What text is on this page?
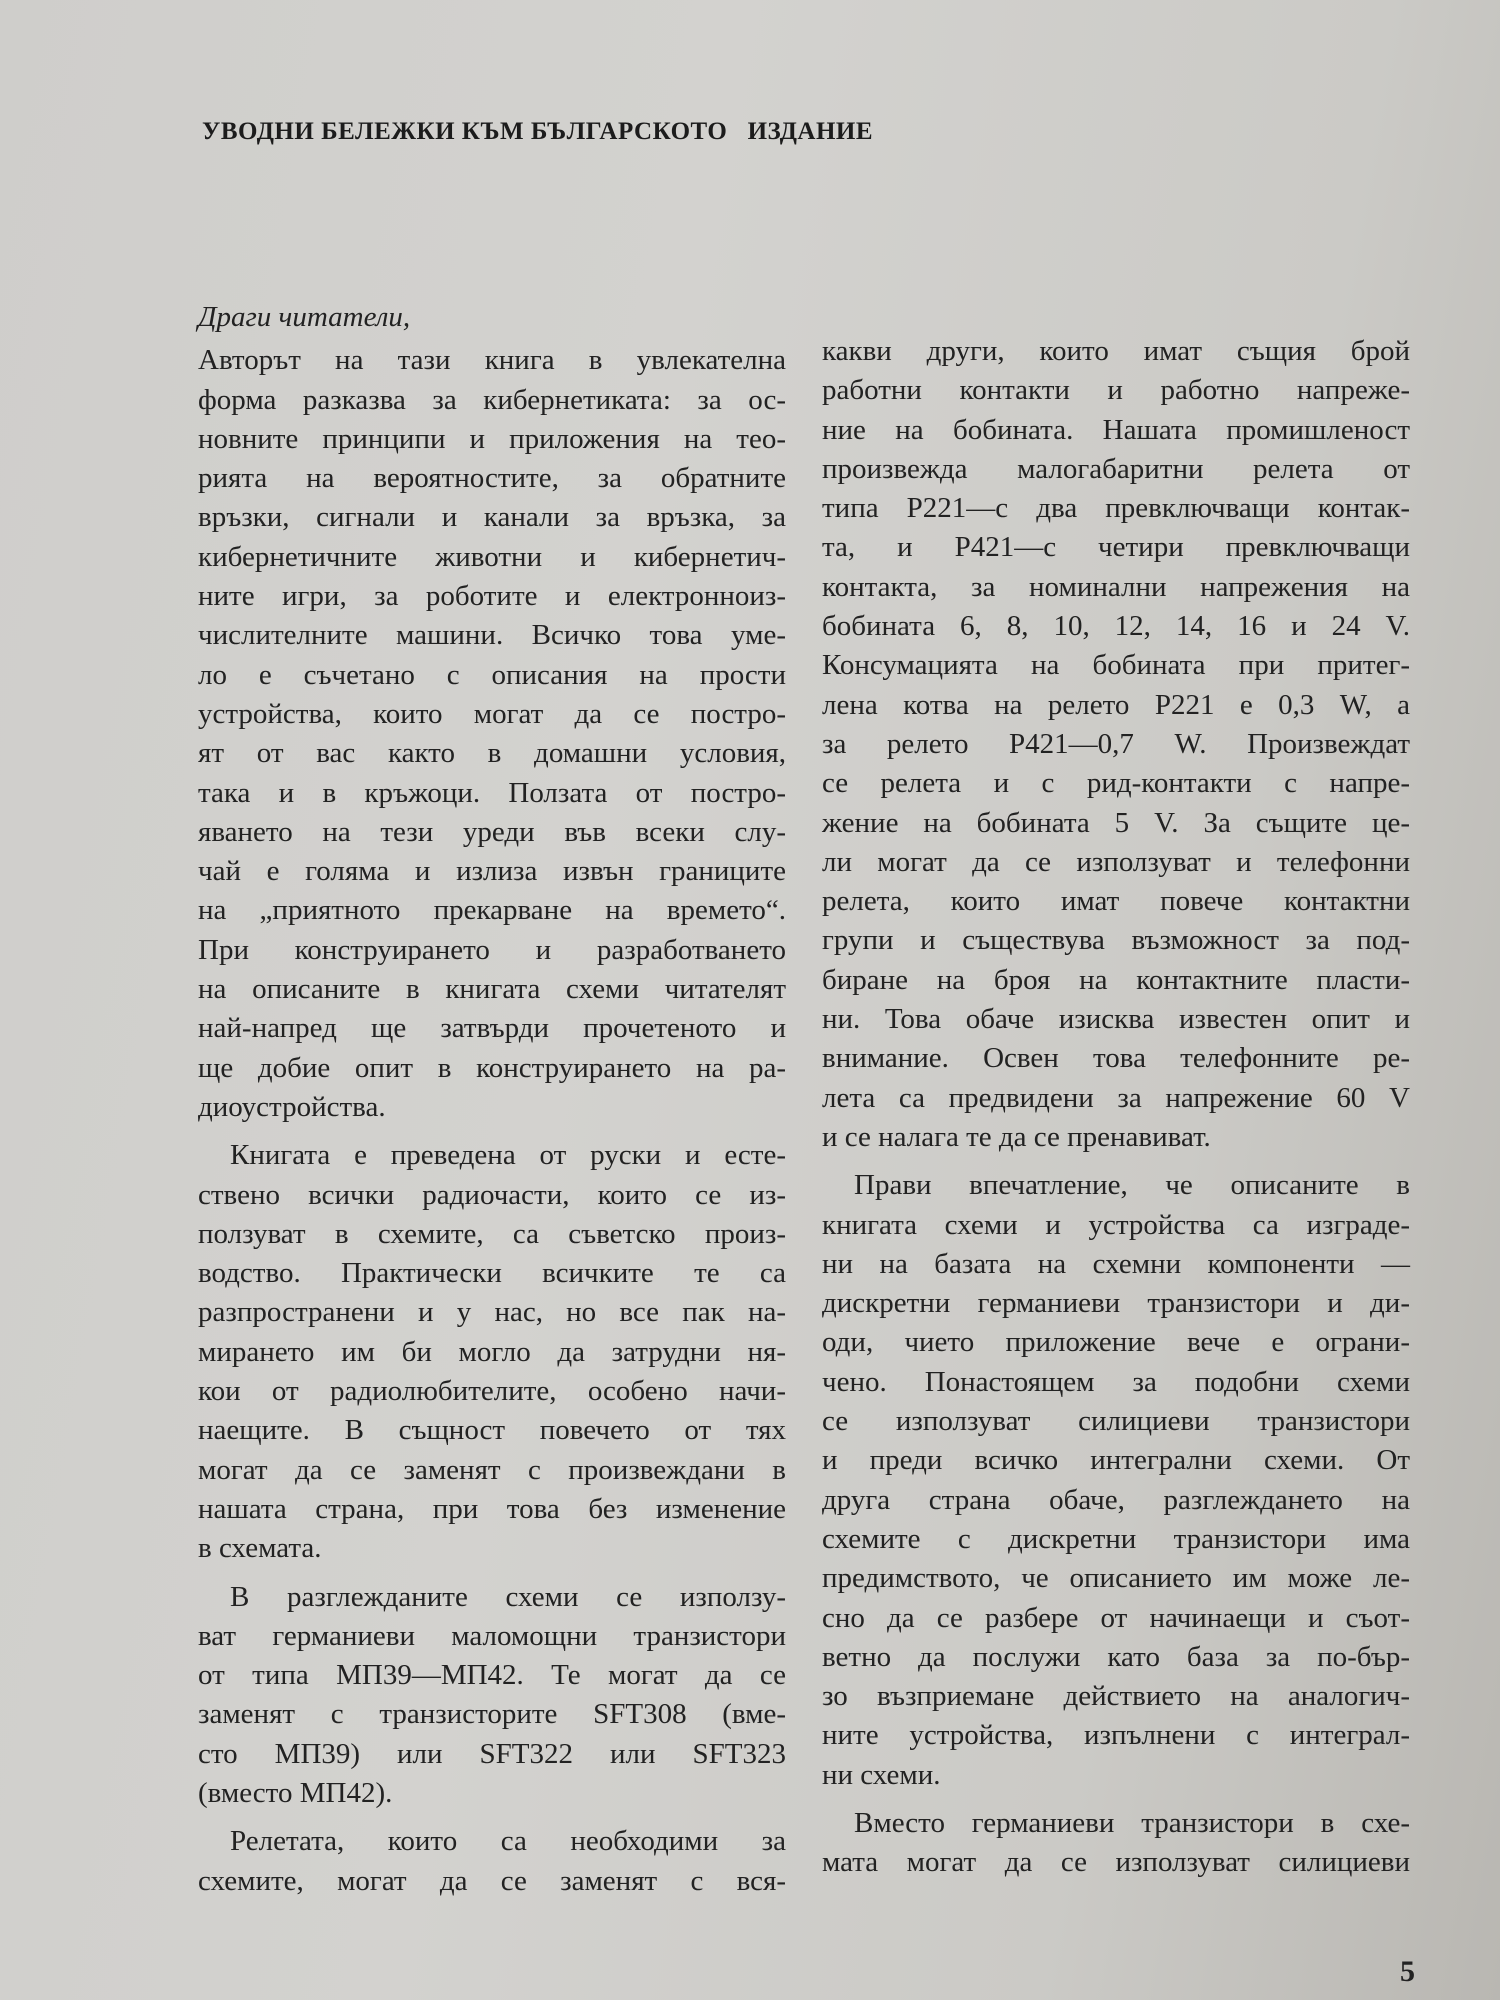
УВОДНИ БЕЛЕЖКИ КЪМ БЪЛГАРСКОТО   ИЗДАНИЕ
Драги читатели,
Авторът на тази книга в увлекателна
форма разказва за кибернетиката: за ос-
новните принципи и приложения на тео-
рията на вероятностите, за обратните
връзки, сигнали и канали за връзка, за
кибернетичните животни и кибернетич-
ните игри, за роботите и електронноиз-
числителните машини. Всичко това уме-
ло е съчетано с описания на прости
устройства, които могат да се постро-
ят от вас както в домашни условия,
така и в кръжоци. Ползата от постро-
яването на тези уреди във всеки слу-
чай е голяма и излиза извън границите
на „приятното прекарване на времето“.
При конструирането и разработването
на описаните в книгата схеми читателят
най-напред ще затвърди прочетеното и
ще добие опит в конструирането на ра-
диоустройства.
Книгата е преведена от руски и есте-
ствено всички радиочасти, които се из-
ползуват в схемите, са съветско произ-
водство. Практически всичките те са
разпространени и у нас, но все пак на-
мирането им би могло да затрудни ня-
кои от радиолюбителите, особено начи-
наещите. В същност повечето от тях
могат да се заменят с произвеждани в
нашата страна, при това без изменение
в схемата.
В разглежданите схеми се използу-
ват германиеви маломощни транзистори
от типа МП39—МП42. Те могат да се
заменят с транзисторите SFT308 (вме-
сто МП39) или SFT322 или SFT323
(вместо МП42).
Релетата, които са необходими за
схемите, могат да се заменят с вся-
какви други, които имат същия брой
работни контакти и работно напреже-
ние на бобината. Нашата промишленост
произвежда малогабаритни релета от
типа Р221—с два превключващи контак-
та, и Р421—с четири превключващи
контакта, за номинални напрежения на
бобината 6, 8, 10, 12, 14, 16 и 24 V.
Консумацията на бобината при притег-
лена котва на релето Р221 е 0,3 W, а
за релето Р421—0,7 W. Произвеждат
се релета и с рид-контакти с напре-
жение на бобината 5 V. За същите це-
ли могат да се използуват и телефонни
релета, които имат повече контактни
групи и съществува възможност за под-
биране на броя на контактните пласти-
ни. Това обаче изисква известен опит и
внимание. Освен това телефонните ре-
лета са предвидени за напрежение 60 V
и се налага те да се пренавиват.
Прави впечатление, че описаните в
книгата схеми и устройства са изграде-
ни на базата на схемни компоненти —
дискретни германиеви транзистори и ди-
оди, чието приложение вече е ограни-
чено. Понастоящем за подобни схеми
се използуват силициеви транзистори
и преди всичко интегрални схеми. От
друга страна обаче, разглеждането на
схемите с дискретни транзистори има
предимството, че описанието им може ле-
сно да се разбере от начинаещи и съот-
ветно да послужи като база за по-бър-
зо възприемане действието на аналогич-
ните устройства, изпълнени с интеграл-
ни схеми.
Вместо германиеви транзистори в схе-
мата могат да се използуват силициеви
5
